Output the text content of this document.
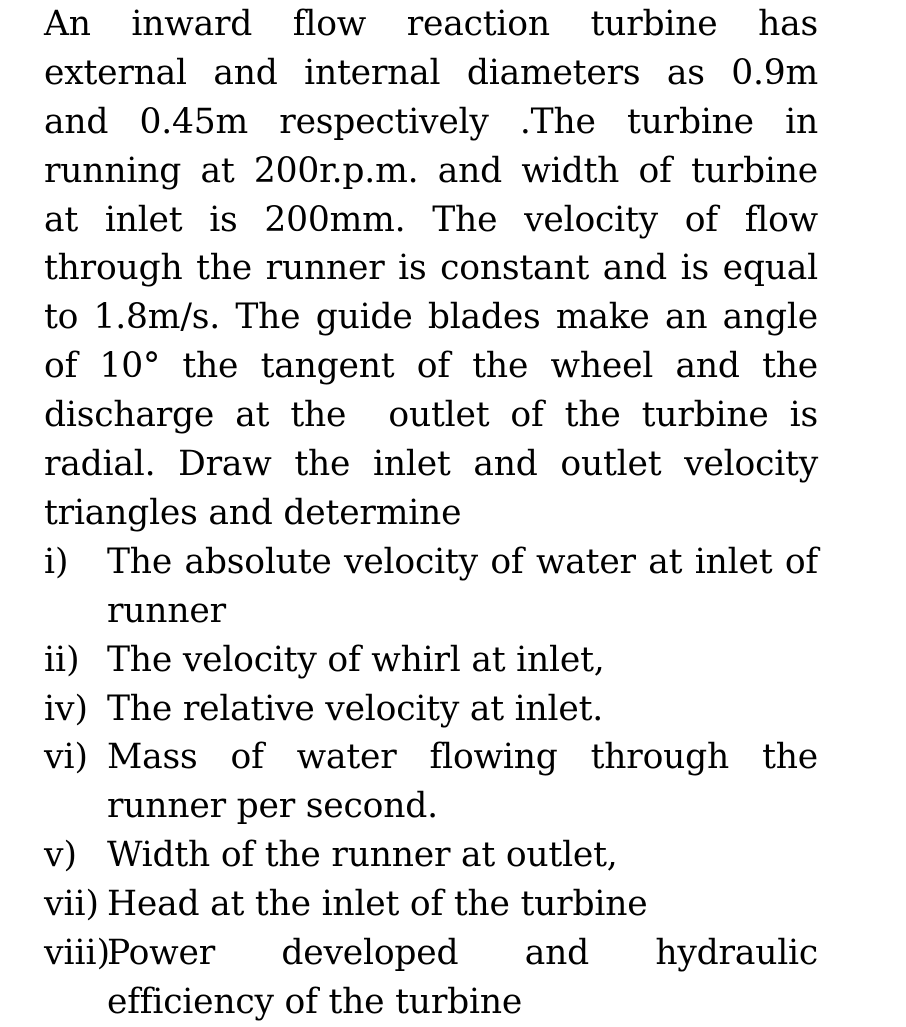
An inward flow reaction turbine has

external and internal diameters as 0.9m

and 0.45m respectively .The turbine in

running at 200r.p.m. and width of turbine

at inlet is 200mm. The velocity of flow

through the runner is constant and is equal

to 1.8m/s. The guide blades make an angle

of 10° the tangent of the wheel and the

discharge at the  outlet of the turbine is

radial. Draw the inlet and outlet velocity

triangles and determine

i) The absolute velocity of water at inlet of
runner
ii) The velocity of whirl at inlet,
iv) The relative velocity at inlet.
vi) Mass of water flowing through the
runner per second.
v) Width of the runner at outlet,
vii) Head at the inlet of the turbine
viii)
Power developed and hydraulic
efficiency of the turbine
